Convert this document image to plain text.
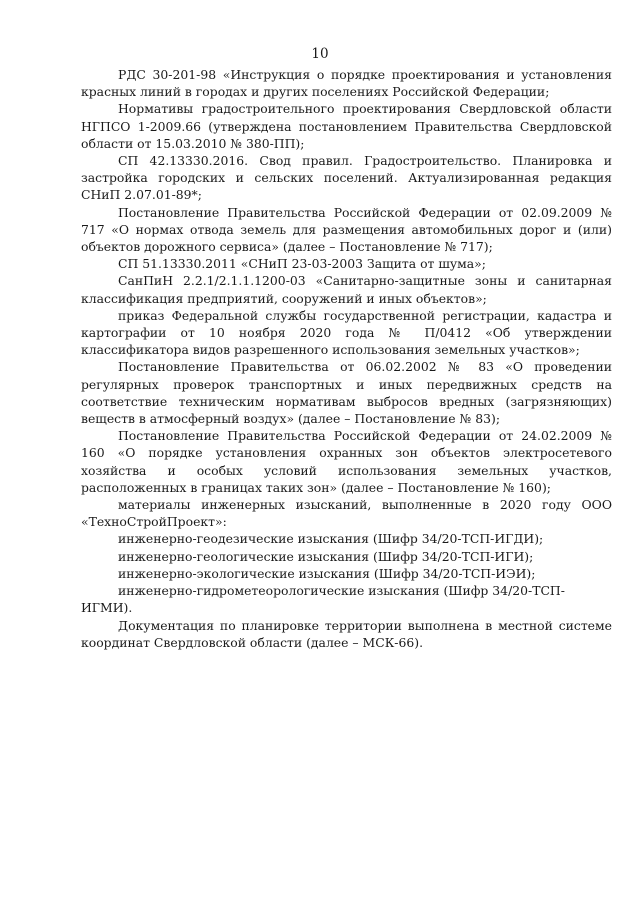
10

РДС 30-201-98 «Инструкция о порядке проектирования и установления красных линий в городах и других поселениях Российской Федерации;

Нормативы градостроительного проектирования Свердловской области НГПСО 1-2009.66 (утверждена постановлением Правительства Свердловской области от 15.03.2010 № 380-ПП);

СП 42.13330.2016. Свод правил. Градостроительство. Планировка и застройка городских и сельских поселений. Актуализированная редакция СНиП 2.07.01-89*;

Постановление Правительства Российской Федерации от 02.09.2009 № 717 «О нормах отвода земель для размещения автомобильных дорог и (или) объектов дорожного сервиса» (далее – Постановление № 717);

СП 51.13330.2011 «СНиП 23-03-2003 Защита от шума»;

СанПиН 2.2.1/2.1.1.1200-03 «Санитарно-защитные зоны и санитарная классификация предприятий, сооружений и иных объектов»;

приказ Федеральной службы государственной регистрации, кадастра и картографии от 10 ноября 2020 года № П/0412 «Об утверждении классификатора видов разрешенного использования земельных участков»;

Постановление Правительства от 06.02.2002 № 83 «О проведении регулярных проверок транспортных и иных передвижных средств на соответствие техническим нормативам выбросов вредных (загрязняющих) веществ в атмосферный воздух» (далее – Постановление № 83);

Постановление Правительства Российской Федерации от 24.02.2009 № 160 «О порядке установления охранных зон объектов электросетевого хозяйства и особых условий использования земельных участков, расположенных в границах таких зон» (далее – Постановление № 160);

материалы инженерных изысканий, выполненные в 2020 году ООО «ТехноСтройПроект»:

инженерно-геодезические изыскания (Шифр 34/20-ТСП-ИГДИ);

инженерно-геологические изыскания (Шифр 34/20-ТСП-ИГИ);

инженерно-экологические изыскания (Шифр 34/20-ТСП-ИЭИ);

инженерно-гидрометеорологические изыскания (Шифр 34/20-ТСП-ИГМИ).

Документация по планировке территории выполнена в местной системе координат Свердловской области (далее – МСК-66).
